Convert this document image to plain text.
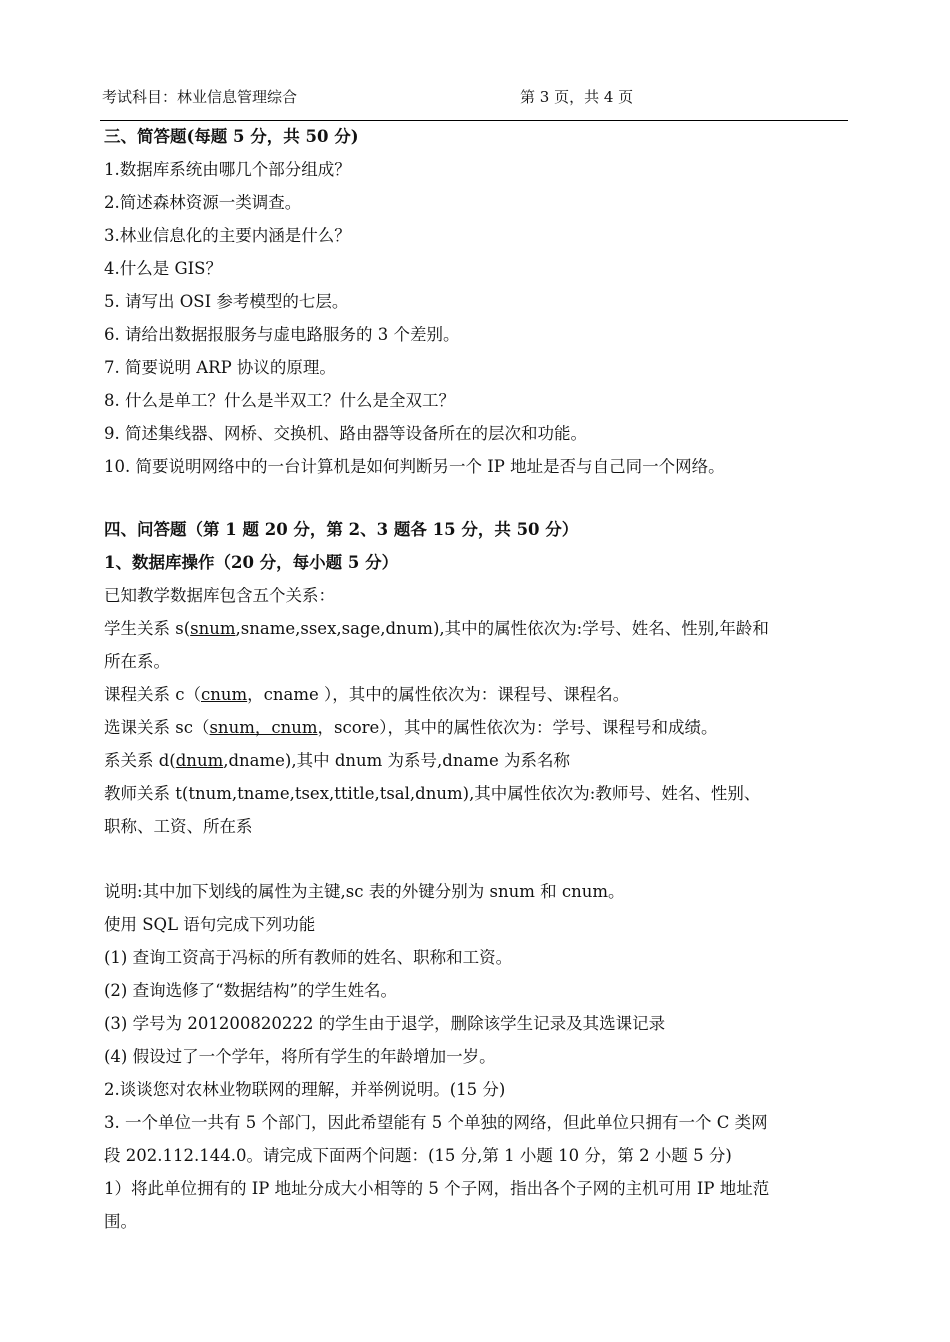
考试科目：林业信息管理综合	第 3 页，共 4 页
三、简答题(每题 5 分，共 50 分)
1.数据库系统由哪几个部分组成？
2.简述森林资源一类调查。
3.林业信息化的主要内涵是什么？
4.什么是 GIS？
5. 请写出 OSI 参考模型的七层。
6. 请给出数据报服务与虚电路服务的 3 个差别。
7. 简要说明 ARP 协议的原理。
8. 什么是单工？什么是半双工？什么是全双工？
9. 简述集线器、网桥、交换机、路由器等设备所在的层次和功能。
10. 简要说明网络中的一台计算机是如何判断另一个 IP 地址是否与自己同一个网络。
四、问答题（第 1 题 20 分，第 2、3 题各 15 分，共 50 分）
1、数据库操作（20 分，每小题 5 分）
已知教学数据库包含五个关系：
学生关系 s(snum,sname,ssex,sage,dnum),其中的属性依次为:学号、姓名、性别,年龄和
所在系。
课程关系 c（cnum，cname ），其中的属性依次为：课程号、课程名。
选课关系 sc（snum，cnum，score），其中的属性依次为：学号、课程号和成绩。
系关系 d(dnum,dname),其中 dnum 为系号,dname 为系名称
教师关系 t(tnum,tname,tsex,ttitle,tsal,dnum),其中属性依次为:教师号、姓名、性别、
职称、工资、所在系
说明:其中加下划线的属性为主键,sc 表的外键分别为 snum 和 cnum。
使用 SQL 语句完成下列功能
(1) 查询工资高于冯标的所有教师的姓名、职称和工资。
(2) 查询选修了“数据结构”的学生姓名。
(3) 学号为 201200820222 的学生由于退学，删除该学生记录及其选课记录
(4) 假设过了一个学年，将所有学生的年龄增加一岁。
2.谈谈您对农林业物联网的理解，并举例说明。(15 分)
3. 一个单位一共有 5 个部门，因此希望能有 5 个单独的网络，但此单位只拥有一个 C 类网
段 202.112.144.0。请完成下面两个问题：(15 分,第 1 小题 10 分，第 2 小题 5 分)
1）将此单位拥有的 IP 地址分成大小相等的 5 个子网，指出各个子网的主机可用 IP 地址范
围。
